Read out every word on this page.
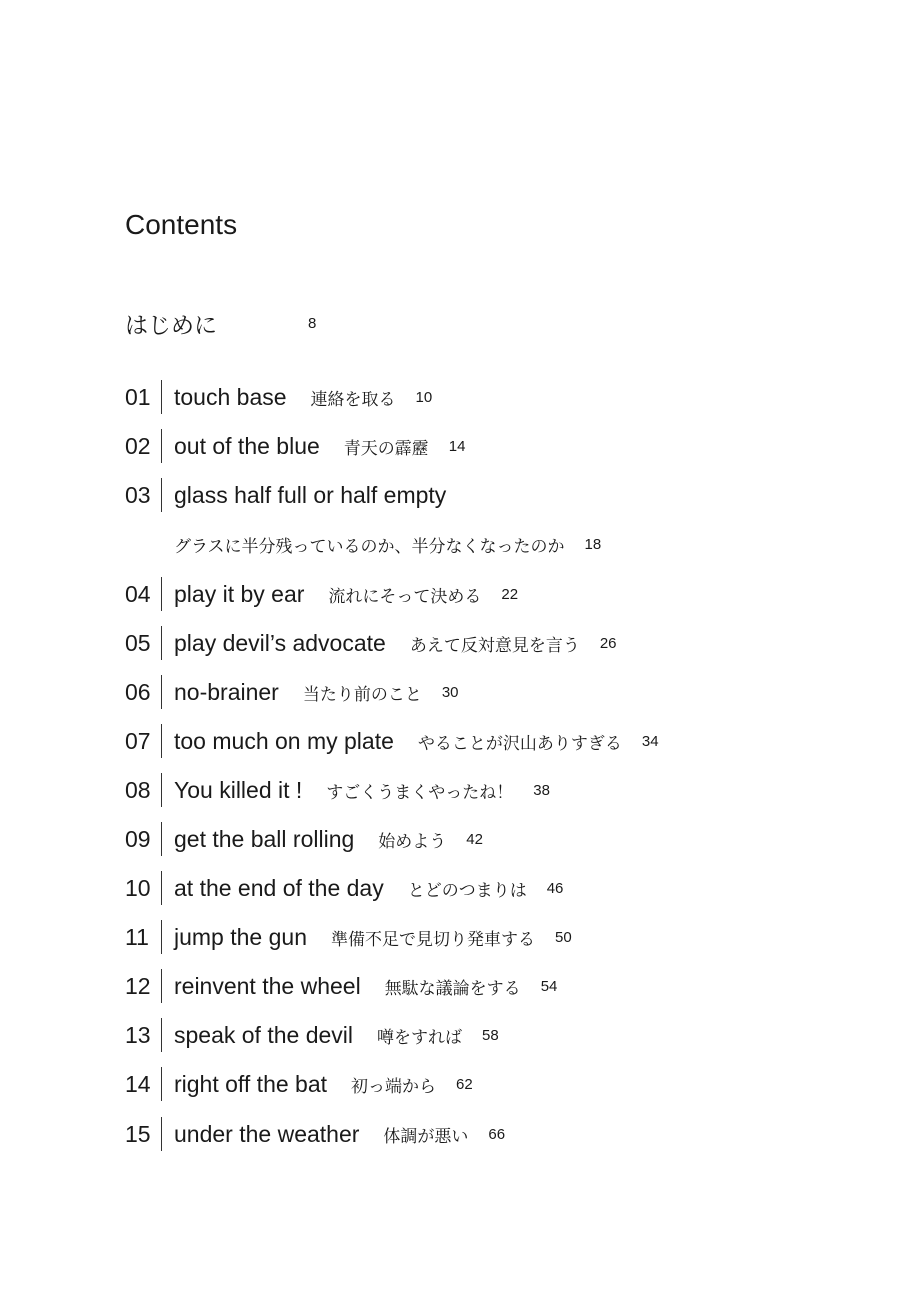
Contents
はじめに	8
01	touch base 連絡を取る 10
02	out of the blue 青天の霹靂 14
03	glass half full or half empty
グラスに半分残っているのか、半分なくなったのか 18
04	play it by ear 流れにそって決める 22
05	play devil’s advocate あえて反対意見を言う 26
06	no-brainer 当たり前のこと 30
07	too much on my plate やることが沢山ありすぎる 34
08	You killed it ! すごくうまくやったね！ 38
09	get the ball rolling 始めよう 42
10	at the end of the day とどのつまりは 46
11	jump the gun 準備不足で見切り発車する 50
12	reinvent the wheel 無駄な議論をする 54
13	speak of the devil 噂をすれば 58
14	right off the bat 初っ端から 62
15	under the weather 体調が悪い 66
